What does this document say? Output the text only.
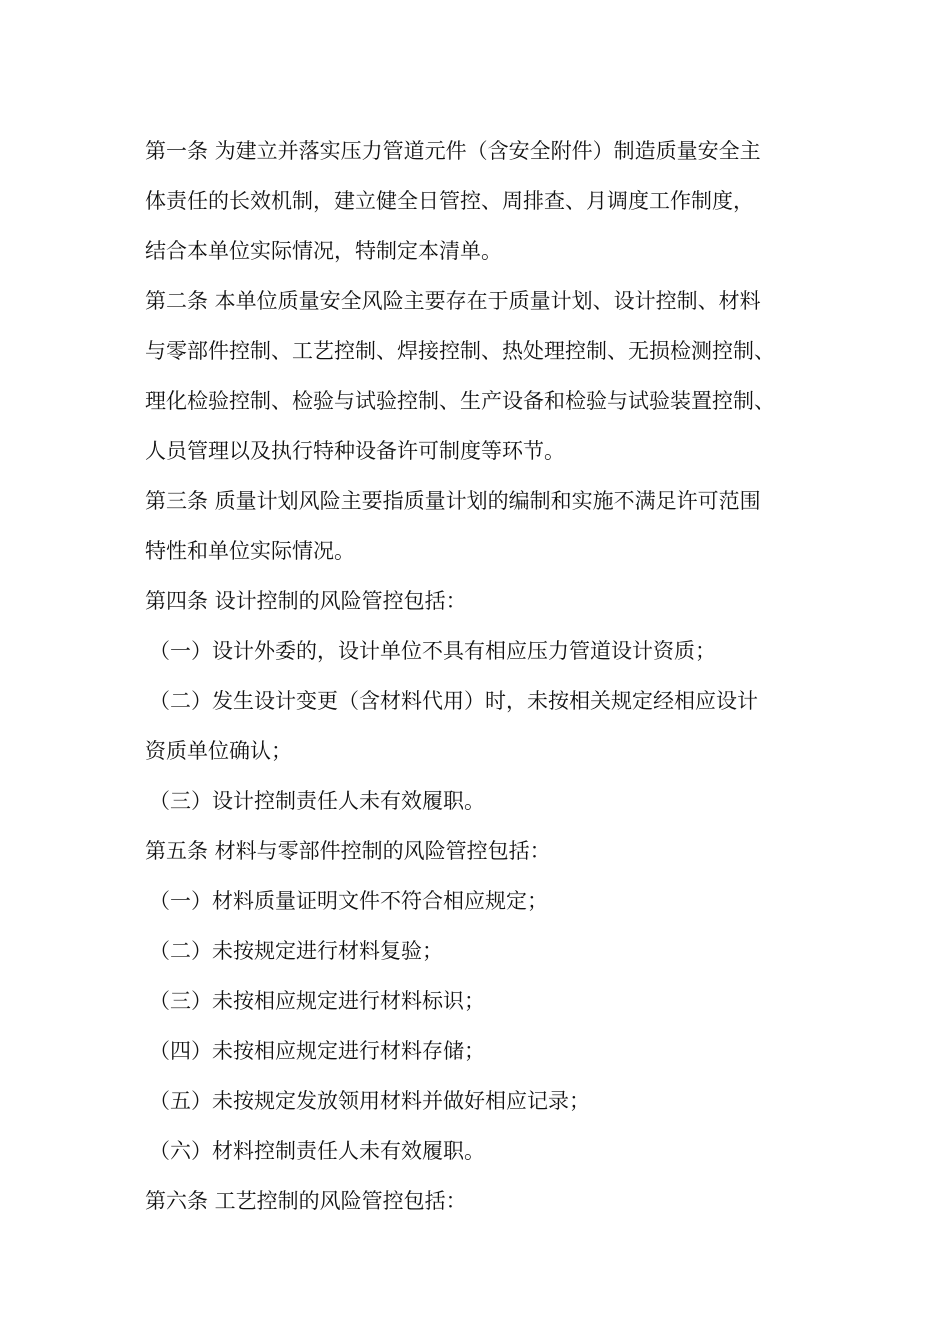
第一条 为建立并落实压力管道元件（含安全附件）制造质量安全主
体责任的长效机制，建立健全日管控、周排查、月调度工作制度，
结合本单位实际情况，特制定本清单。
第二条 本单位质量安全风险主要存在于质量计划、设计控制、材料
与零部件控制、工艺控制、焊接控制、热处理控制、无损检测控制、
理化检验控制、检验与试验控制、生产设备和检验与试验装置控制、
人员管理以及执行特种设备许可制度等环节。
第三条 质量计划风险主要指质量计划的编制和实施不满足许可范围
特性和单位实际情况。
第四条 设计控制的风险管控包括：
（一）设计外委的，设计单位不具有相应压力管道设计资质；
（二）发生设计变更（含材料代用）时，未按相关规定经相应设计
资质单位确认；
（三）设计控制责任人未有效履职。
第五条 材料与零部件控制的风险管控包括：
（一）材料质量证明文件不符合相应规定；
（二）未按规定进行材料复验；
（三）未按相应规定进行材料标识；
（四）未按相应规定进行材料存储；
（五）未按规定发放领用材料并做好相应记录；
（六）材料控制责任人未有效履职。
第六条 工艺控制的风险管控包括：
